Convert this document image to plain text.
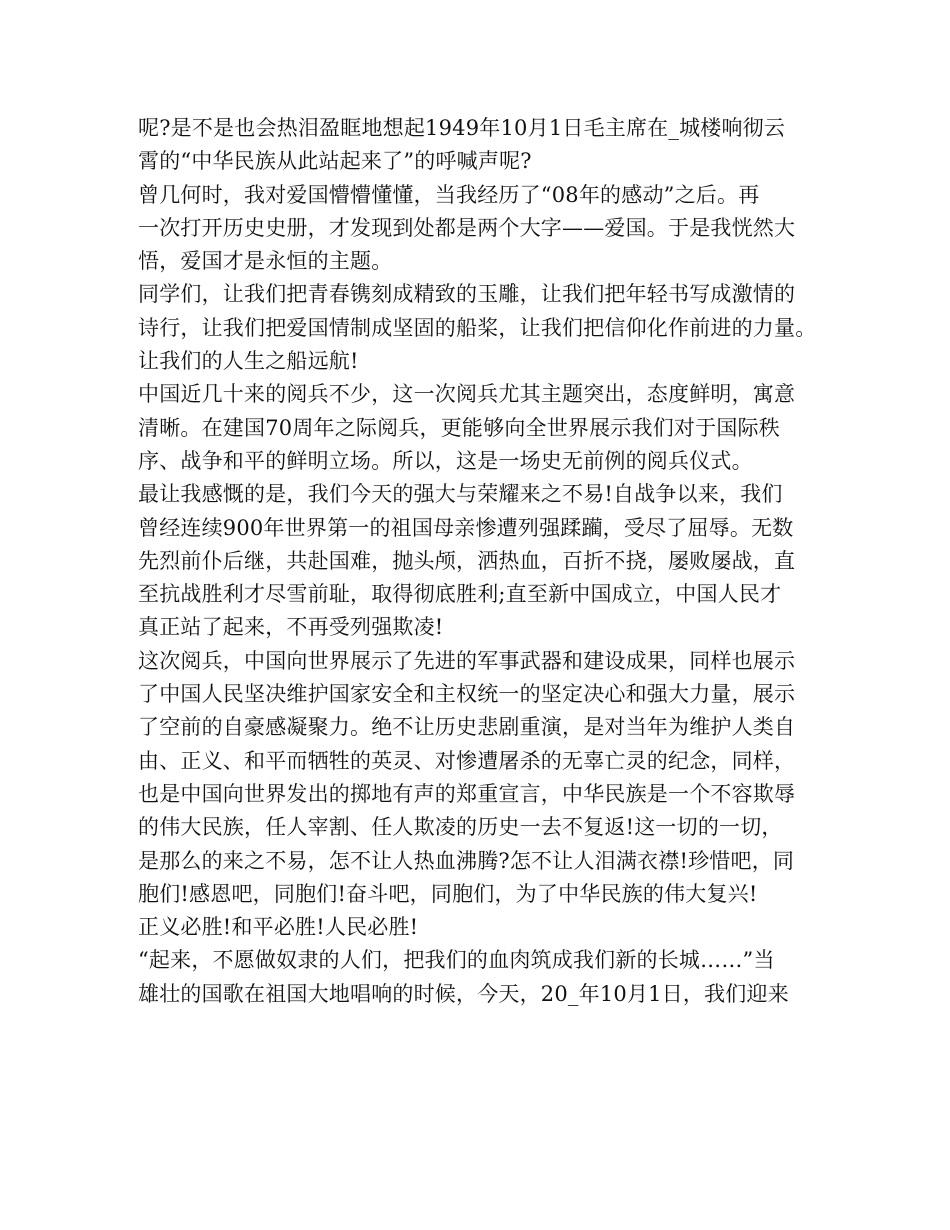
呢?是不是也会热泪盈眶地想起1949年10月1日毛主席在_城楼响彻云
霄的“中华民族从此站起来了”的呼喊声呢?
曾几何时，我对爱国懵懵懂懂，当我经历了“08年的感动”之后。再
一次打开历史史册，才发现到处都是两个大字——爱国。于是我恍然大
悟，爱国才是永恒的主题。
同学们，让我们把青春镌刻成精致的玉雕，让我们把年轻书写成激情的
诗行，让我们把爱国情制成坚固的船桨，让我们把信仰化作前进的力量。
让我们的人生之船远航!
中国近几十来的阅兵不少，这一次阅兵尤其主题突出，态度鲜明，寓意
清晰。在建国70周年之际阅兵，更能够向全世界展示我们对于国际秩
序、战争和平的鲜明立场。所以，这是一场史无前例的阅兵仪式。
最让我感慨的是，我们今天的强大与荣耀来之不易!自战争以来，我们
曾经连续900年世界第一的祖国母亲惨遭列强蹂躏，受尽了屈辱。无数
先烈前仆后继，共赴国难，抛头颅，洒热血，百折不挠，屡败屡战，直
至抗战胜利才尽雪前耻，取得彻底胜利;直至新中国成立，中国人民才
真正站了起来，不再受列强欺凌!
这次阅兵，中国向世界展示了先进的军事武器和建设成果，同样也展示
了中国人民坚决维护国家安全和主权统一的坚定决心和强大力量，展示
了空前的自豪感凝聚力。绝不让历史悲剧重演，是对当年为维护人类自
由、正义、和平而牺牲的英灵、对惨遭屠杀的无辜亡灵的纪念，同样，
也是中国向世界发出的掷地有声的郑重宣言，中华民族是一个不容欺辱
的伟大民族，任人宰割、任人欺凌的历史一去不复返!这一切的一切，
是那么的来之不易，怎不让人热血沸腾?怎不让人泪满衣襟!珍惜吧，同
胞们!感恩吧，同胞们!奋斗吧，同胞们，为了中华民族的伟大复兴!
正义必胜!和平必胜!人民必胜!
“起来，不愿做奴隶的人们，把我们的血肉筑成我们新的长城……”当
雄壮的国歌在祖国大地唱响的时候，今天，20_年10月1日，我们迎来
